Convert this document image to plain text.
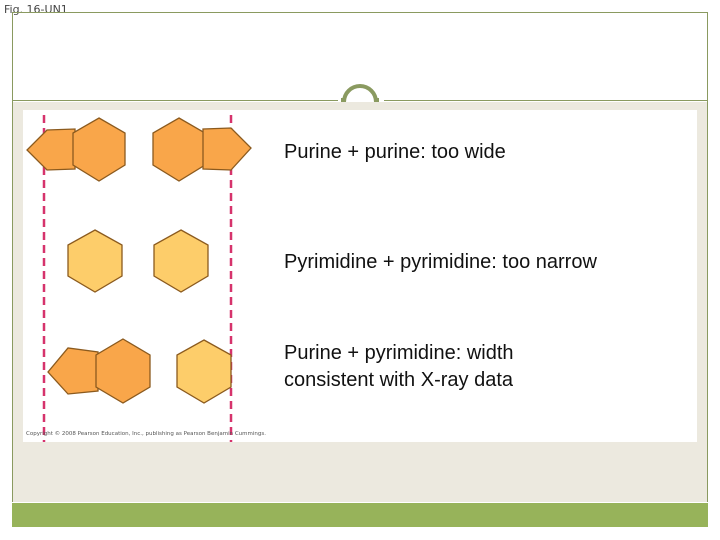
Fig. 16-UN1

Purine + purine: too wide

Pyrimidine + pyrimidine: too narrow

Purine + pyrimidine: width

consistent with X-ray data

Copyright © 2008 Pearson Education, Inc., publishing as Pearson Benjamin Cummings.
